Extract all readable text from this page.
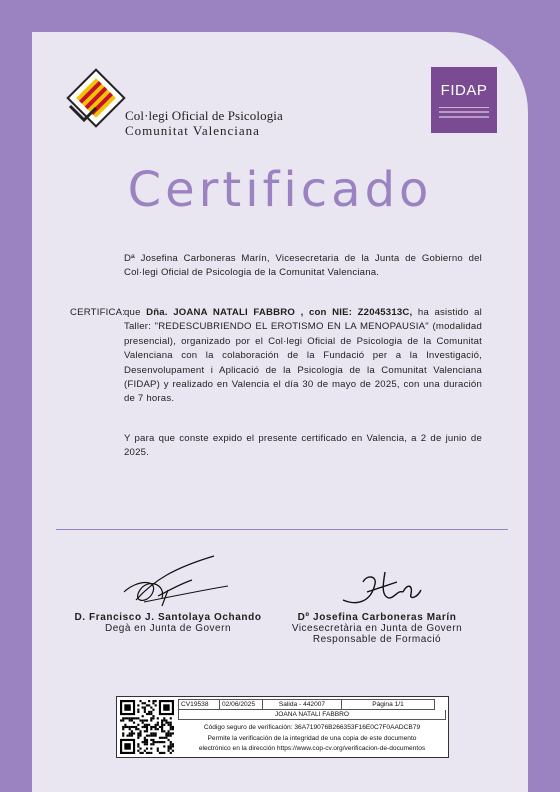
Col·legi Oficial de Psicologia
Comunitat Valenciana
FIDAP
Certificado
Dª Josefina Carboneras Marín, Vicesecretaria de la Junta de Gobierno del Col·legi Oficial de Psicologia de la Comunitat Valenciana.
CERTIFICA:
que Dña. JOANA NATALI FABBRO , con NIE: Z2045313C, ha asistido al Taller: "REDESCUBRIENDO EL EROTISMO EN LA MENOPAUSIA" (modalidad presencial), organizado por el Col·legi Oficial de Psicologia de la Comunitat Valenciana con la colaboración de la Fundació per a la Investigació, Desenvolupament i Aplicació de la Psicologia de la Comunitat Valenciana (FIDAP) y realizado en Valencia el día 30 de mayo de 2025, con una duración de 7 horas.
Y para que conste expido el presente certificado en Valencia, a 2 de junio de 2025.
D. Francisco J. Santolaya Ochando
Degà en Junta de Govern
Dº Josefina Carboneras Marín
Vicesecretària en Junta de Govern
Responsable de Formació
CV19538	02/06/2025	Salida - 442007	Página 1/1
JOANA NATALI FABBRO
Código seguro de verificación: 36A719076B266353F16E0C7F0AADCB79
Permite la verificación de la integridad de una copia de este documento
electrónico en la dirección https://www.cop-cv.org/verificacion-de-documentos
